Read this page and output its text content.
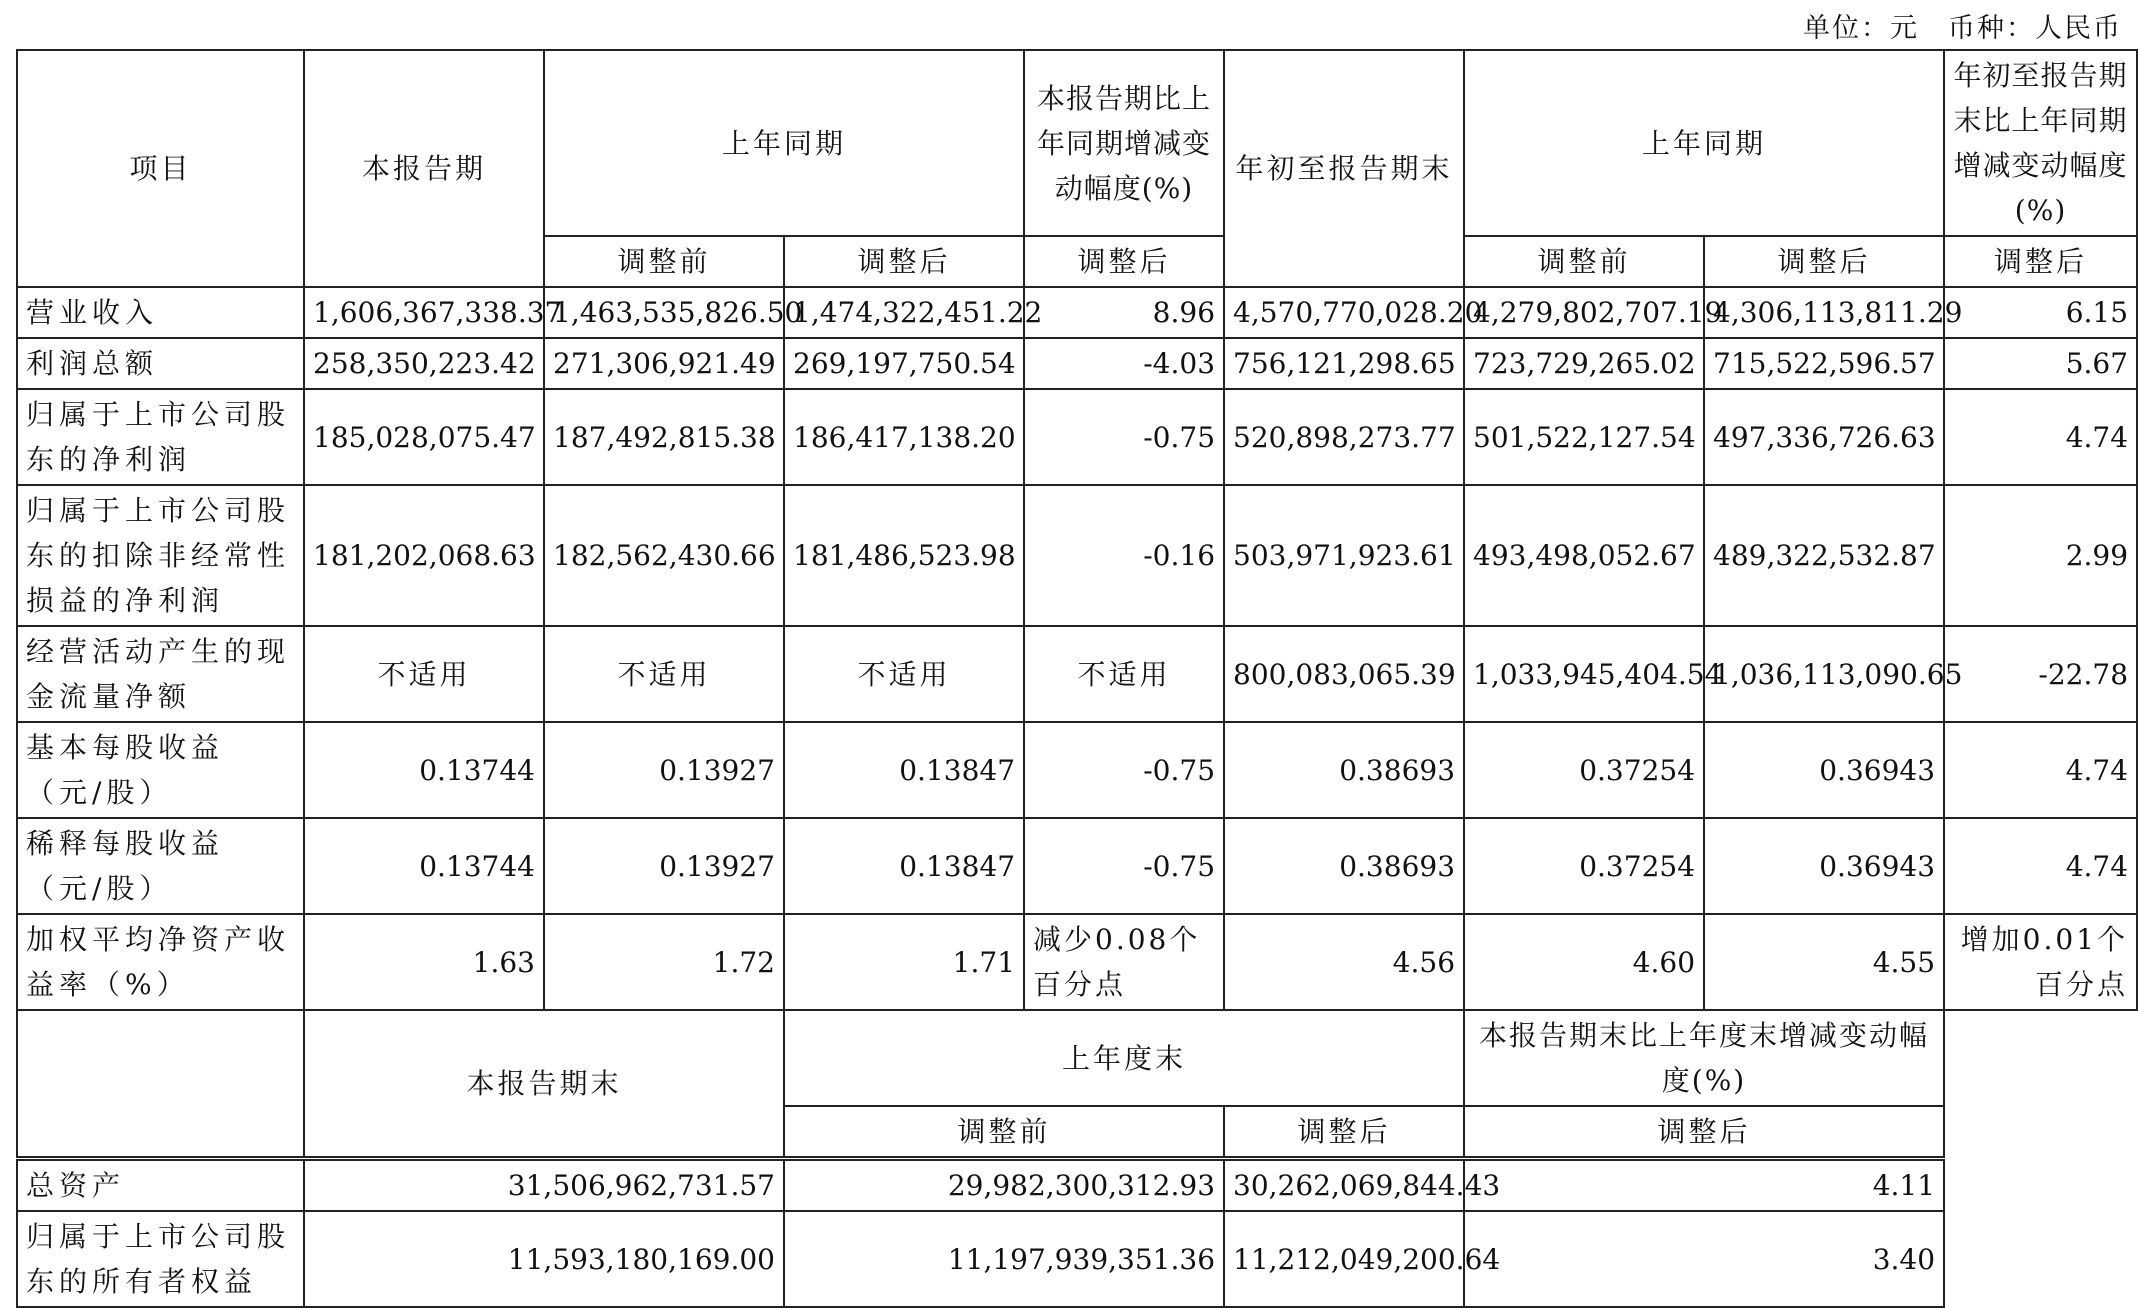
单位：元　币种：人民币
项目	本报告期	上年同期		本报告期比上年同期增减变动幅度(%)	年初至报告期末	上年同期		年初至报告期末比上年同期增减变动幅度(%)
		调整前	调整后	调整后		调整前	调整后	调整后
营业收入	1,606,367,338.37	1,463,535,826.50	1,474,322,451.22	8.96	4,570,770,028.20	4,279,802,707.19	4,306,113,811.29	6.15
利润总额	258,350,223.42	271,306,921.49	269,197,750.54	-4.03	756,121,298.65	723,729,265.02	715,522,596.57	5.67
归属于上市公司股东的净利润	185,028,075.47	187,492,815.38	186,417,138.20	-0.75	520,898,273.77	501,522,127.54	497,336,726.63	4.74
归属于上市公司股东的扣除非经常性损益的净利润	181,202,068.63	182,562,430.66	181,486,523.98	-0.16	503,971,923.61	493,498,052.67	489,322,532.87	2.99
经营活动产生的现金流量净额	不适用	不适用	不适用	不适用	800,083,065.39	1,033,945,404.54	1,036,113,090.65	-22.78
基本每股收益（元/股）	0.13744	0.13927	0.13847	-0.75	0.38693	0.37254	0.36943	4.74
稀释每股收益（元/股）	0.13744	0.13927	0.13847	-0.75	0.38693	0.37254	0.36943	4.74
加权平均净资产收益率（%）	1.63	1.72	1.71	减少0.08个百分点	4.56	4.60	4.55	增加0.01个百分点
	本报告期末		上年度末			本报告期末比上年度末增减变动幅度(%)		
			调整前		调整后	调整后		
总资产	31,506,962,731.57		29,982,300,312.93		30,262,069,844.43	4.11		
归属于上市公司股东的所有者权益	11,593,180,169.00		11,197,939,351.36		11,212,049,200.64	3.40		
